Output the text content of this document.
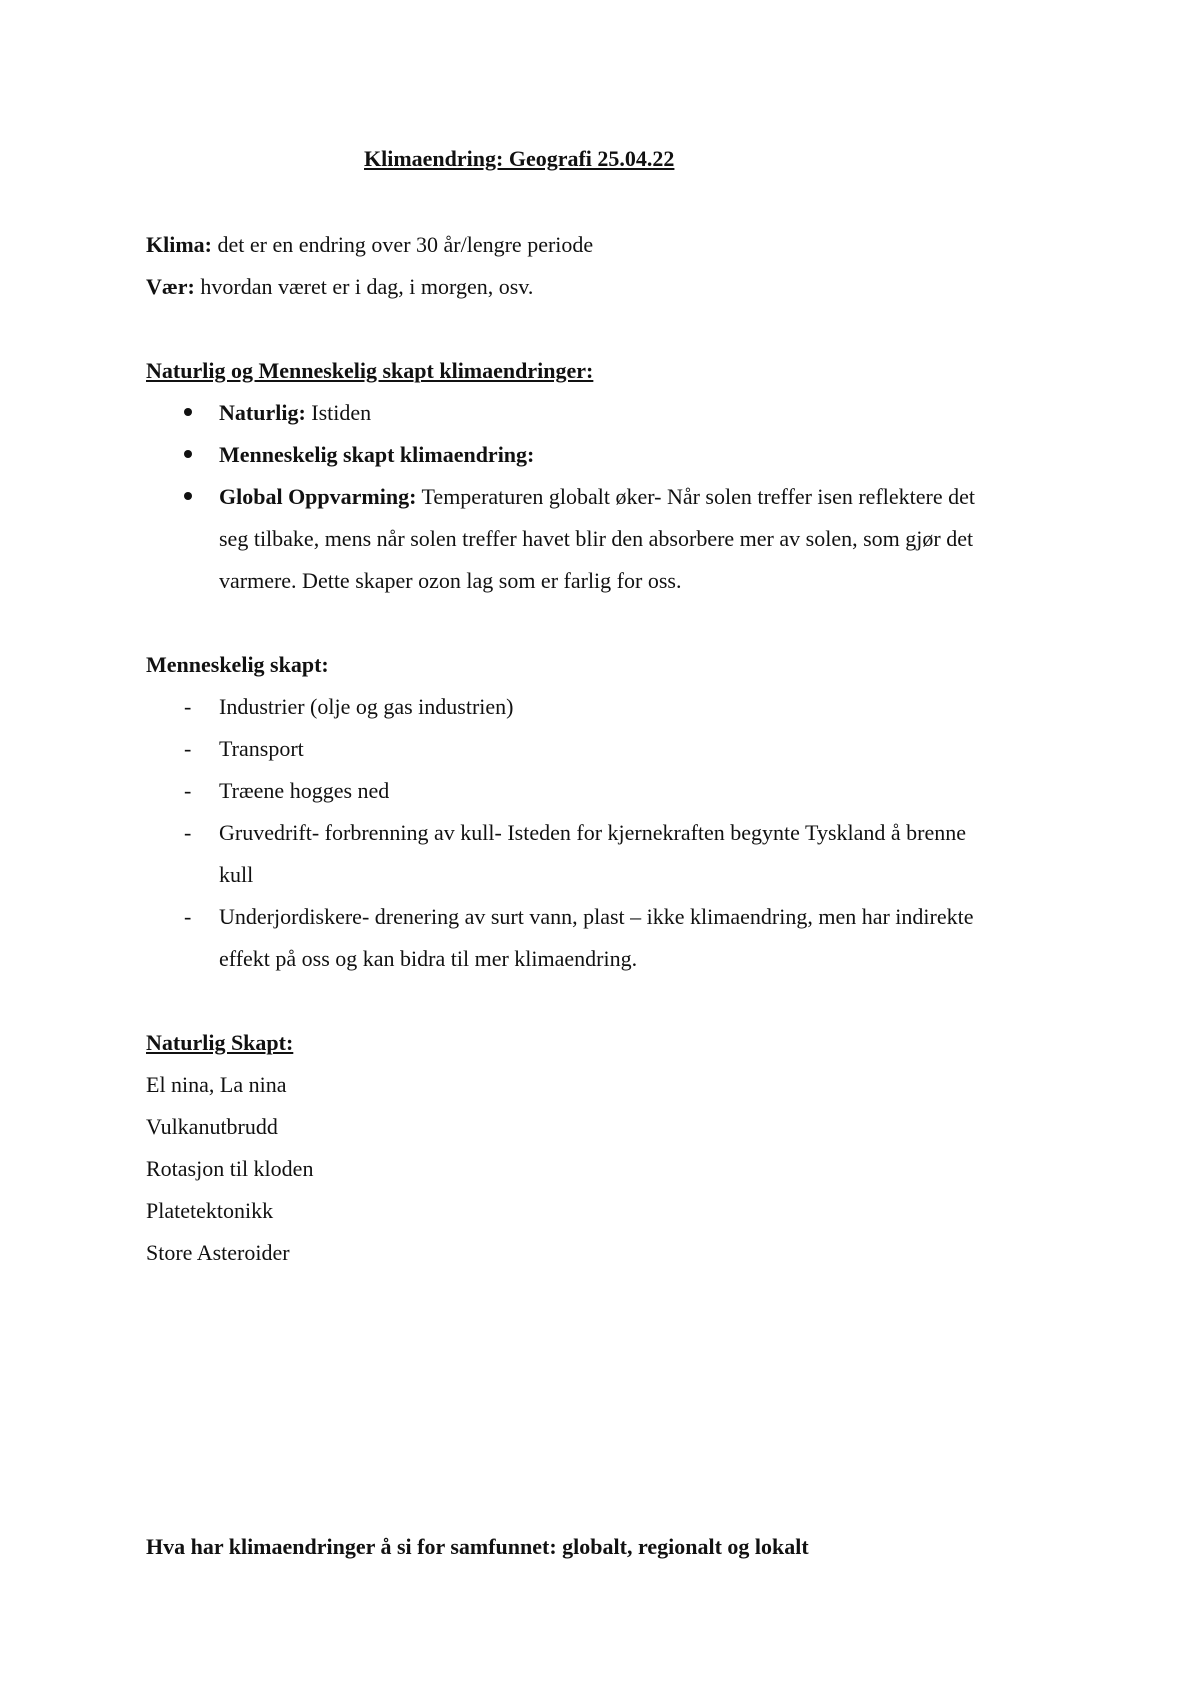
Klimaendring: Geografi 25.04.22
Klima: det er en endring over 30 år/lengre periode
Vær: hvordan været er i dag, i morgen, osv.
Naturlig og Menneskelig skapt klimaendringer:
Naturlig: Istiden
Menneskelig skapt klimaendring:
Global Oppvarming: Temperaturen globalt øker- Når solen treffer isen reflektere det
seg tilbake, mens når solen treffer havet blir den absorbere mer av solen, som gjør det
varmere. Dette skaper ozon lag som er farlig for oss.
Menneskelig skapt:
- Industrier (olje og gas industrien)
- Transport
- Træene hogges ned
- Gruvedrift- forbrenning av kull- Isteden for kjernekraften begynte Tyskland å brenne
kull
- Underjordiskere- drenering av surt vann, plast – ikke klimaendring, men har indirekte
effekt på oss og kan bidra til mer klimaendring.
Naturlig Skapt:
El nina, La nina
Vulkanutbrudd
Rotasjon til kloden
Platetektonikk
Store Asteroider
Hva har klimaendringer å si for samfunnet: globalt, regionalt og lokalt
